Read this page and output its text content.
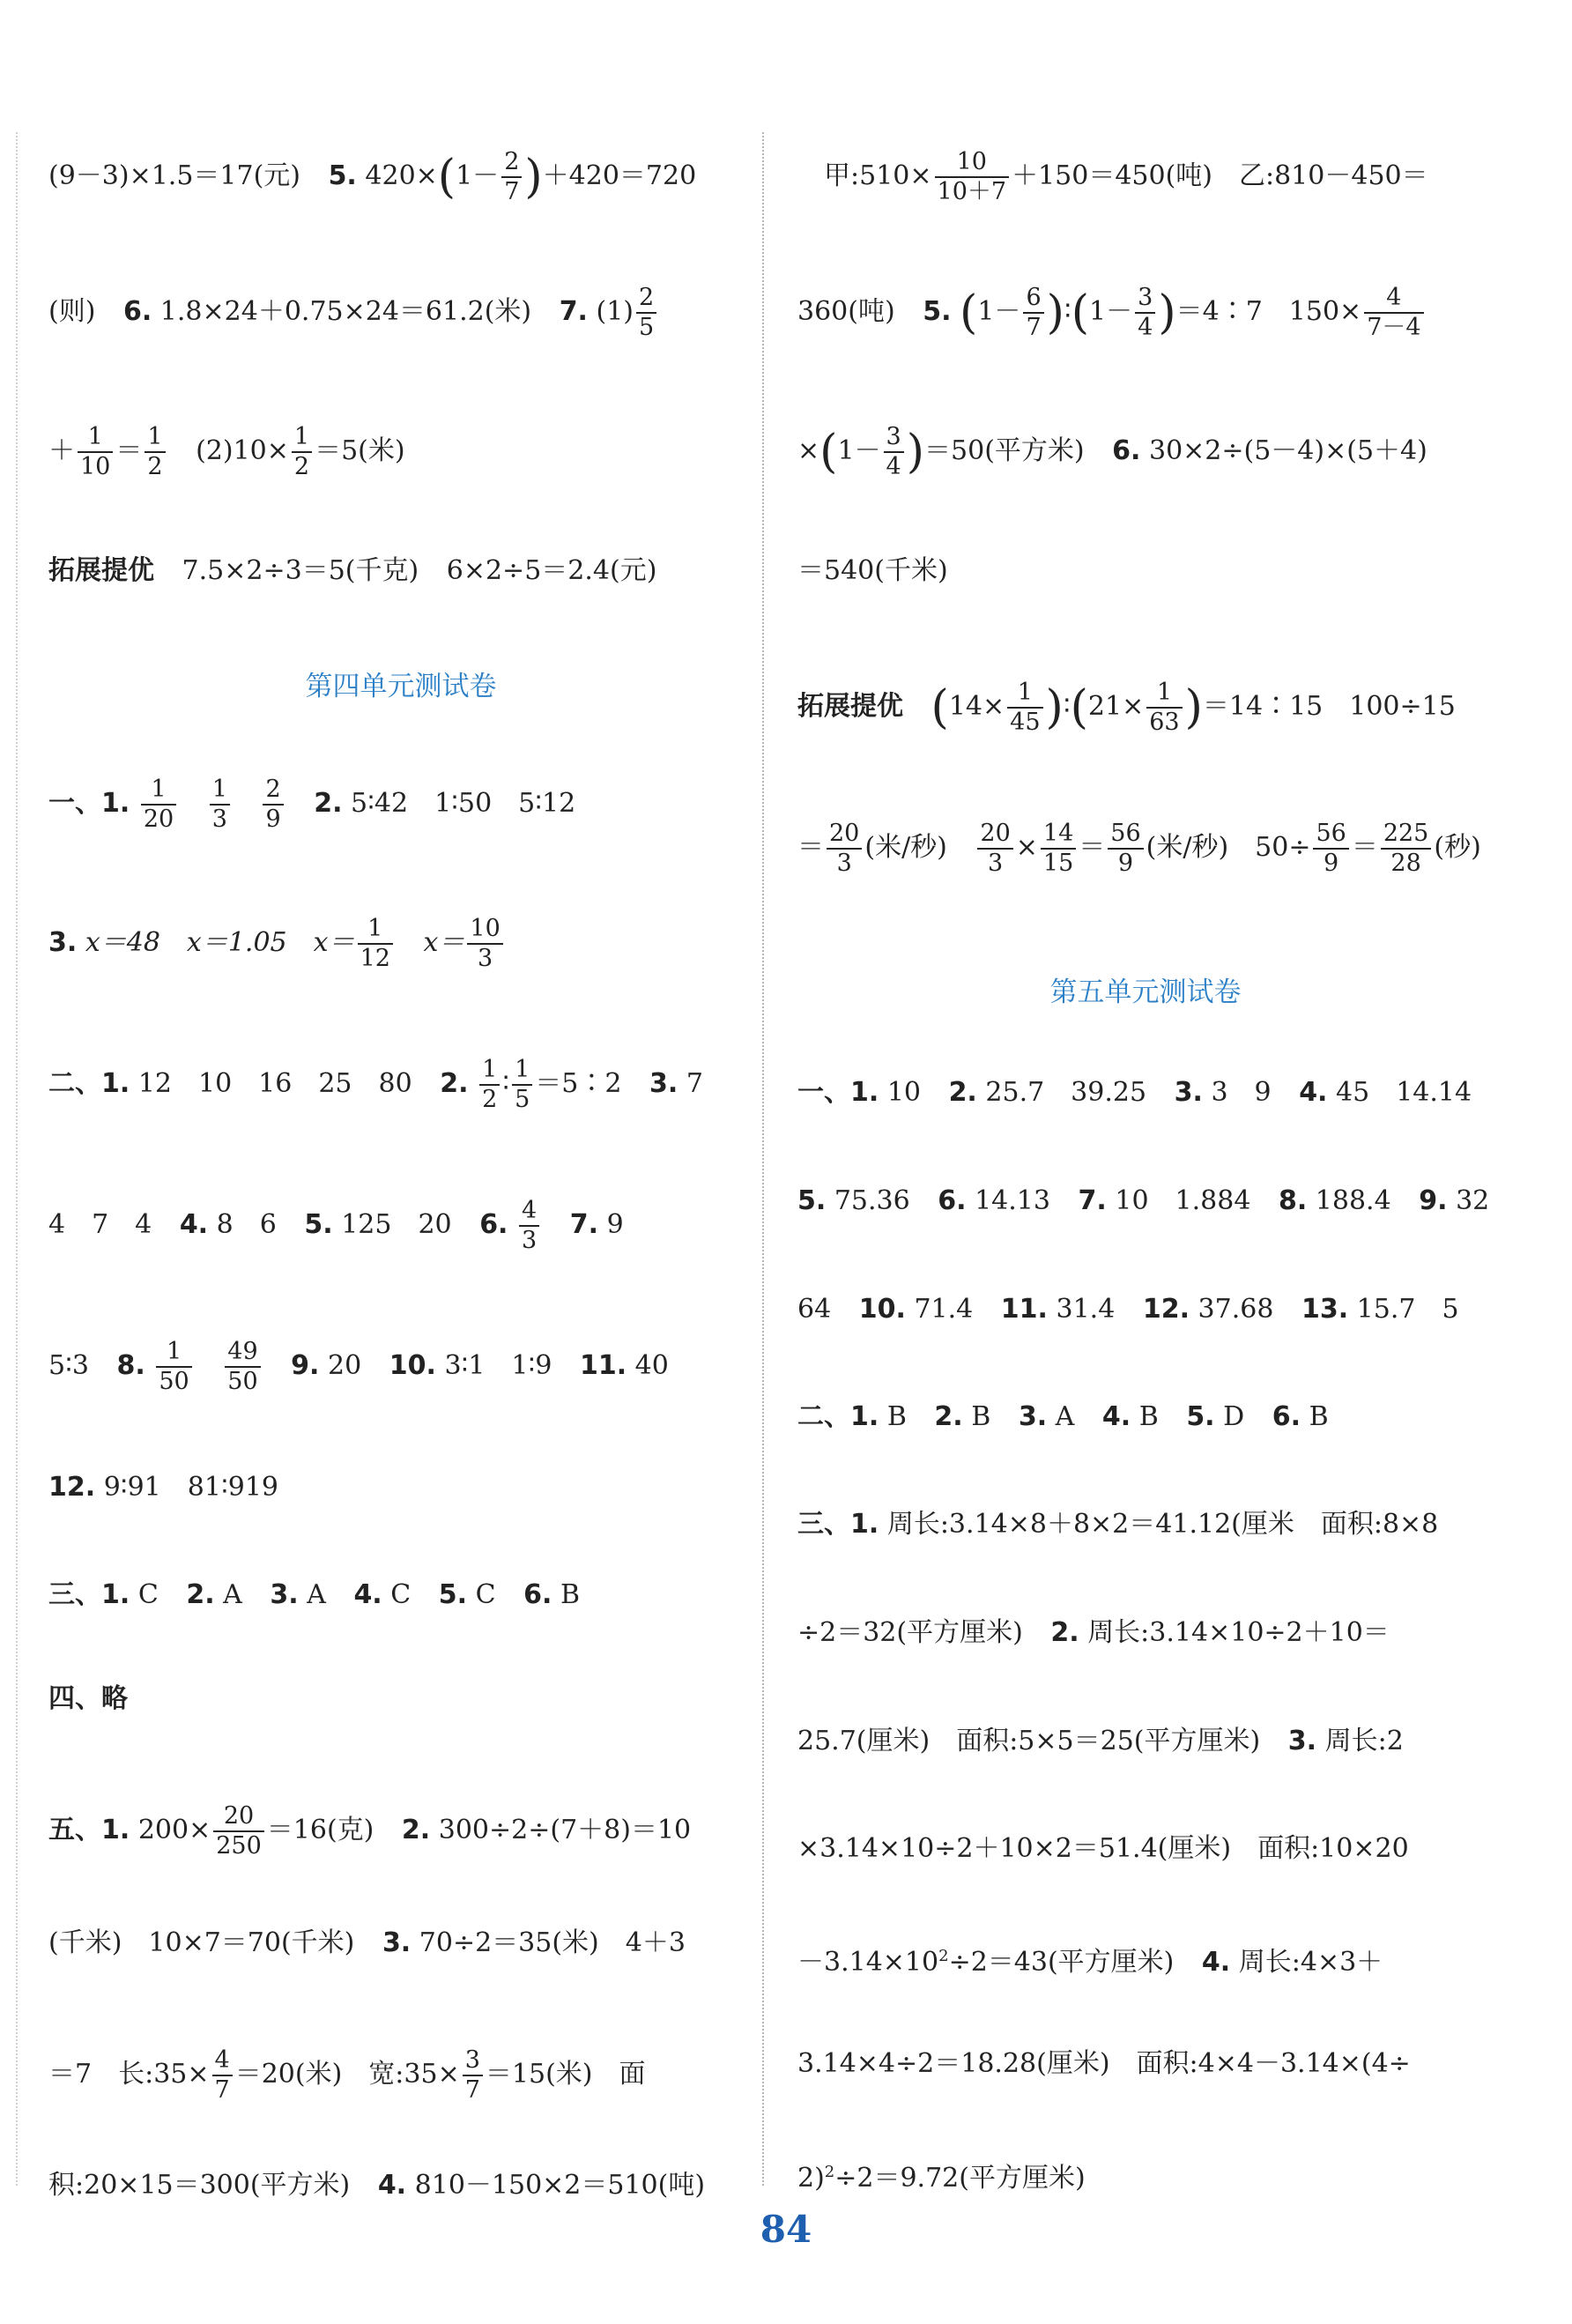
(9－3)×1.5＝17(元) 5. $420\times(1- \frac{2}{7} )+420=720$
(则) 6. 1.8×24＋0.75×24＝61.2(米) 7. $(1) \frac{2}{5}$
＋ $\frac{1}{10} = \frac{1}{2} (2)10\times \frac{1}{2} =5$(米)
拓展提优 7.5×2÷3＝5(千克) 6×2÷5＝2.4(元)
第四单元测试卷
一、1. $\frac{1}{20}$
$\frac{1}{3}$
$\frac{2}{9} 2$. 5∶42　1∶50　5∶12
3. x＝48　x＝1.05　$x= \frac{1}{12} x= \frac{10}{3}$
二、1. 12　10　16　25　80 2. $\frac{1}{2}$ ∶ $\frac{1}{5}$ ＝5∶2 3. 7
4　7　4 4. 8　6 5. 125　20 6. $\frac{4}{3} 7$. 9
5∶3 8. $\frac{1}{50}$
$\frac{49}{50} 9$. 20 10. 3∶1　1∶9 11. 40
12. 9∶91　81∶919
三、1. C 2. A 3. A 4. C 5. C 6. B
四、略
五、1. $200\times \frac{20}{250} =16$(克) 2. 300÷2÷(7＋8)＝10
(千米)　10×7＝70(千米) 3. 70÷2＝35(米)　4＋3
＝7　长:35× $\frac{4}{7} =20$(米)　宽:35× $\frac{3}{7} =15$(米)　面
积:20×15＝300(平方米) 4. 810－150×2＝510(吨)
甲:510× $\frac{10}{10+7} +150=450$(吨)　乙:810－450＝
360(吨) 5. ($1- \frac{6}{7}$ )∶(1－ $\frac{3}{4}$ )＝4∶7　$150\times \frac{4}{7-4}$
$\times(1- \frac{3}{4} )=50$(平方米) 6. 30×2÷(5－4)×(5＋4)
＝540(千米)
拓展提优 ($14\times \frac{1}{45}$ )∶(21× $\frac{1}{63}$ )＝14∶15　100÷15
＝ $\frac{20}{3}$ (米/秒) $\frac{20}{3} \times \frac{14}{15} = \frac{56}{9}$ (米/秒)　$50\div \frac{56}{9} = \frac{225}{28}$ (秒)
第五单元测试卷
一、1. 10 2. 25.7　39.25 3. 3　9 4. 45　14.14
5. 75.36 6. 14.13 7. 10　1.884 8. 188.4 9. 32
64 10. 71.4 11. 31.4 12. 37.68 13. 15.7　5
二、1. B 2. B 3. A 4. B 5. D 6. B
三、1. 周长:3.14×8＋8×2＝41.12(厘米　面积:8×8
÷2＝32(平方厘米) 2. 周长:3.14×10÷2＋10＝
25.7(厘米)　面积:5×5＝25(平方厘米) 3. 周长:2
×3.14×10÷2＋10×2＝51.4(厘米)　面积:10×20
$-3.14\times 10^2\div 2=43$(平方厘米) 4. 周长:4×3＋
3.14×4÷2＝18.28(厘米)　面积:4×4－3.14×(4÷
2)$^2$÷2＝9.72(平方厘米)
84
